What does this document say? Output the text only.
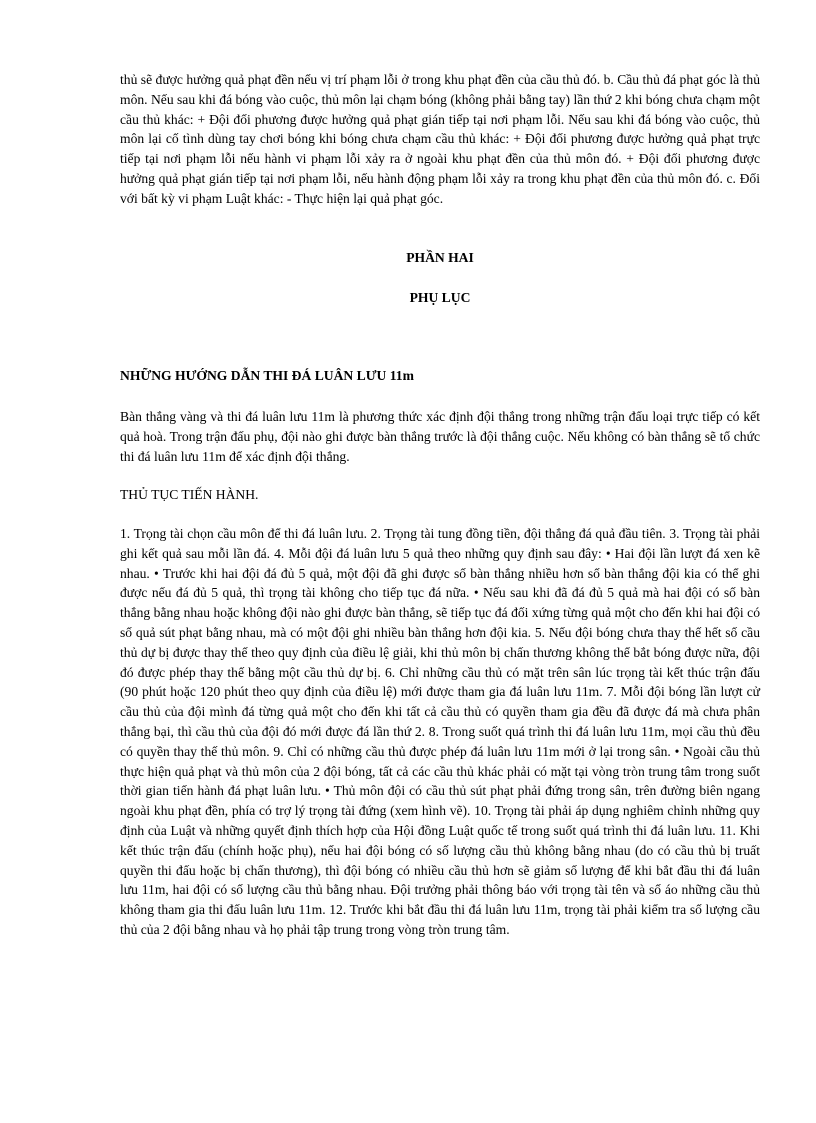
thủ sẽ được hưởng quả phạt đền nếu vị trí phạm lỗi ở trong khu phạt đền của cầu thủ đó. b. Cầu thủ đá phạt góc là thủ môn. Nếu sau khi đá bóng vào cuộc, thủ môn lại chạm bóng (không phải bằng tay) lần thứ 2 khi bóng chưa chạm một cầu thủ khác: + Đội đối phương được hưởng quả phạt gián tiếp tại nơi phạm lỗi. Nếu sau khi đá bóng vào cuộc, thủ môn lại cố tình dùng tay chơi bóng khi bóng chưa chạm cầu thủ khác: + Đội đối phương được hưởng quả phạt trực tiếp tại nơi phạm lỗi nếu hành vi phạm lỗi xảy ra ở ngoài khu phạt đền của thủ môn đó. + Đội đối phương được hưởng quả phạt gián tiếp tại nơi phạm lỗi, nếu hành động phạm lỗi xảy ra trong khu phạt đền của thủ môn đó. c. Đối với bất kỳ vi phạm Luật khác: - Thực hiện lại quả phạt góc.

PHẦN HAI

PHỤ LỤC

NHỮNG HƯỚNG DẪN THI ĐÁ LUÂN LƯU 11m

Bàn thắng vàng và thi đá luân lưu 11m là phương thức xác định đội thắng trong những trận đấu loại trực tiếp có kết quả hoà. Trong trận đấu phụ, đội nào ghi được bàn thắng trước là đội thắng cuộc. Nếu không có bàn thắng sẽ tổ chức thi đá luân lưu 11m để xác định đội thắng.

THỦ TỤC TIẾN HÀNH.

1. Trọng tài chọn cầu môn để thi đá luân lưu. 2. Trọng tài tung đồng tiền, đội thắng đá quả đầu tiên. 3. Trọng tài phải ghi kết quả sau mỗi lần đá. 4. Mỗi đội đá luân lưu 5 quả theo những quy định sau đây: • Hai đội lần lượt đá xen kẽ nhau. • Trước khi hai đội đá đủ 5 quả, một đội đã ghi được số bàn thắng nhiều hơn số bàn thắng đội kia có thể ghi được nếu đá đủ 5 quả, thì trọng tài không cho tiếp tục đá nữa. • Nếu sau khi đã đá đủ 5 quả mà hai đội có số bàn thắng bằng nhau hoặc không đội nào ghi được bàn thắng, sẽ tiếp tục đá đối xứng từng quả một cho đến khi hai đội có số quả sút phạt bằng nhau, mà có một đội ghi nhiều bàn thắng hơn đội kia. 5. Nếu đội bóng chưa thay thế hết số cầu thủ dự bị được thay thế theo quy định của điều lệ giải, khi thủ môn bị chấn thương không thể bắt bóng được nữa, đội đó được phép thay thế bằng một cầu thủ dự bị. 6. Chỉ những cầu thủ có mặt trên sân lúc trọng tài kết thúc trận đấu (90 phút hoặc 120 phút theo quy định của điều lệ) mới được tham gia đá luân lưu 11m. 7. Mỗi đội bóng lần lượt cử cầu thủ của đội mình đá từng quả một cho đến khi tất cả cầu thủ có quyền tham gia đều đã được đá mà chưa phân thắng bại, thì cầu thủ của đội đó mới được đá lần thứ 2. 8. Trong suốt quá trình thi đá luân lưu 11m, mọi cầu thủ đều có quyền thay thế thủ môn. 9. Chỉ có những cầu thủ được phép đá luân lưu 11m mới ở lại trong sân. • Ngoài cầu thủ thực hiện quả phạt và thủ môn của 2 đội bóng, tất cả các cầu thủ khác phải có mặt tại vòng tròn trung tâm trong suốt thời gian tiến hành đá phạt luân lưu. • Thủ môn đội có cầu thủ sút phạt phải đứng trong sân, trên đường biên ngang ngoài khu phạt đền, phía có trợ lý trọng tài đứng (xem hình vẽ). 10. Trọng tài phải áp dụng nghiêm chỉnh những quy định của Luật và những quyết định thích hợp của Hội đồng Luật quốc tế trong suốt quá trình thi đá luân lưu. 11. Khi kết thúc trận đấu (chính hoặc phụ), nếu hai đội bóng có số lượng cầu thủ không bằng nhau (do có cầu thủ bị truất quyền thi đấu hoặc bị chấn thương), thì đội bóng có nhiều cầu thủ hơn sẽ giảm số lượng để khi bắt đầu thi đá luân lưu 11m, hai đội có số lượng cầu thủ bằng nhau. Đội trưởng phải thông báo với trọng tài tên và số áo những cầu thủ không tham gia thi đấu luân lưu 11m. 12. Trước khi bắt đầu thi đá luân lưu 11m, trọng tài phải kiểm tra số lượng cầu thủ của 2 đội bằng nhau và họ phải tập trung trong vòng tròn trung tâm.
